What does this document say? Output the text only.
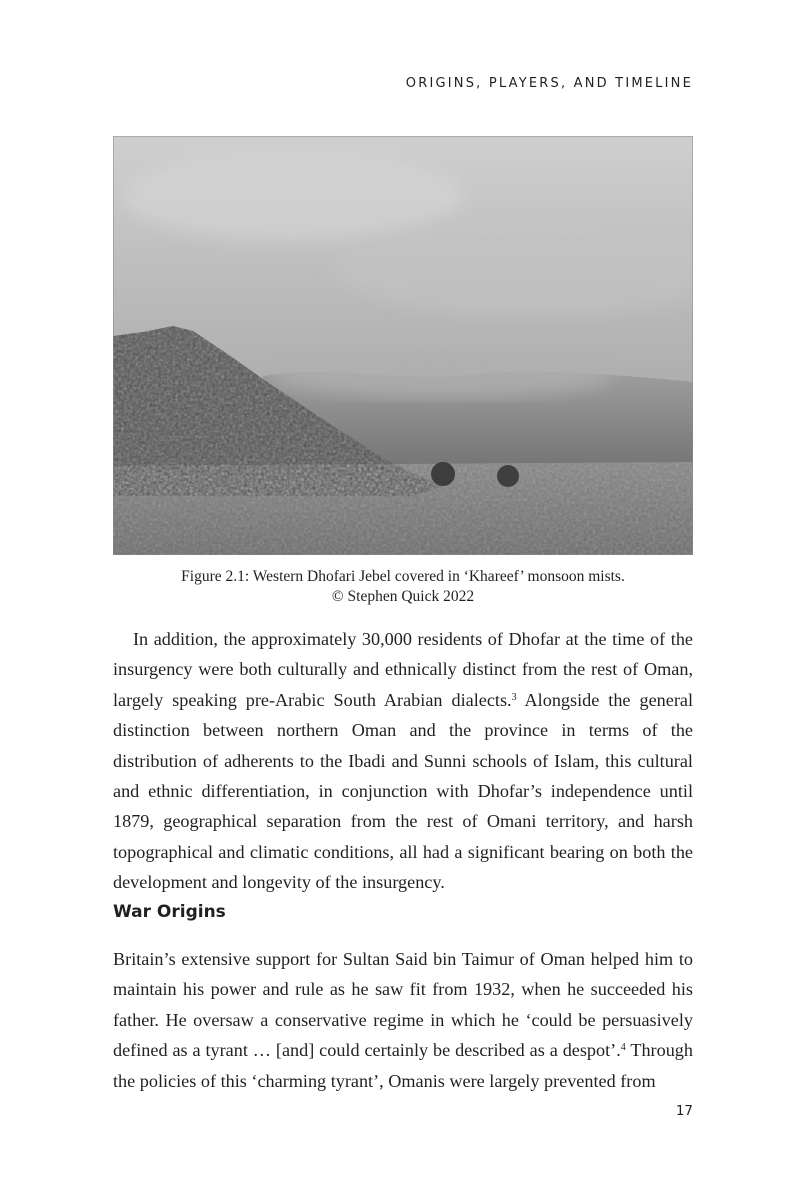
ORIGINS, PLAYERS, AND TIMELINE
Figure 2.1: Western Dhofari Jebel covered in ‘Khareef’ monsoon mists.
© Stephen Quick 2022

In addition, the approximately 30,000 residents of Dhofar at the time of the insurgency were both culturally and ethnically distinct from the rest of Oman, largely speaking pre-Arabic South Arabian dialects.$^3$ Alongside the general distinction between northern Oman and the province in terms of the distribution of adherents to the Ibadi and Sunni schools of Islam, this cultural and ethnic differentiation, in conjunction with Dhofar’s independence until 1879, geographical separation from the rest of Omani territory, and harsh topographical and climatic conditions, all had a significant bearing on both the development and longevity of the insurgency.

War Origins

Britain’s extensive support for Sultan Said bin Taimur of Oman helped him to maintain his power and rule as he saw fit from 1932, when he succeeded his father. He oversaw a conservative regime in which he ‘could be persuasively defined as a tyrant … [and] could certainly be described as a despot’.$^4$ Through the policies of this ‘charming tyrant’, Omanis were largely prevented from

17
